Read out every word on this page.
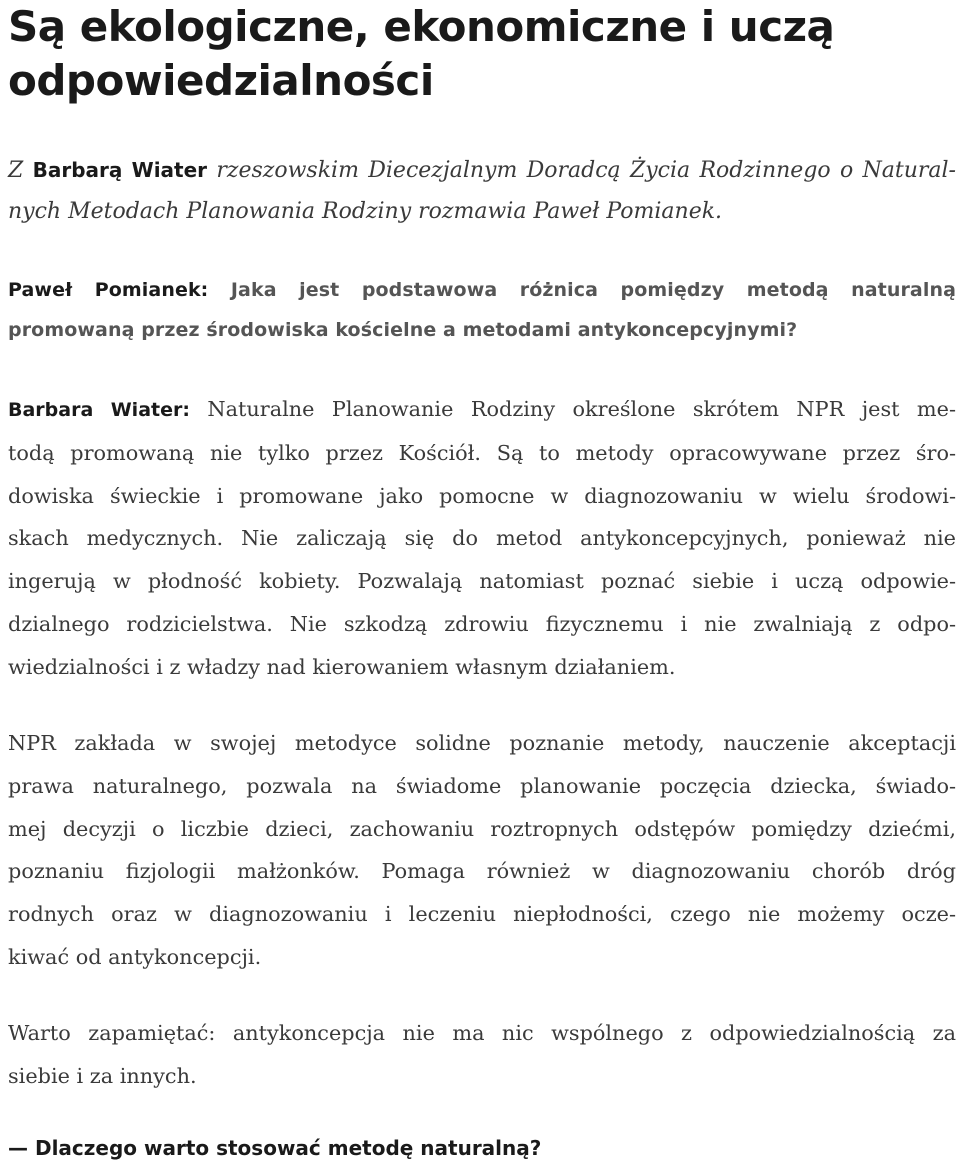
Są ekologiczne, ekonomiczne i uczą
odpowiedzialności

Z Barbarą Wiater rzeszowskim Diecezjalnym Doradcą Życia Rodzinnego o Natural-
nych Metodach Planowania Rodziny rozmawia Paweł Pomianek.

Paweł Pomianek: Jaka jest podstawowa różnica pomiędzy metodą naturalną
promowaną przez środowiska kościelne a metodami antykoncepcyjnymi?

Barbara Wiater: Naturalne Planowanie Rodziny określone skrótem NPR jest me-
todą promowaną nie tylko przez Kościół. Są to metody opracowywane przez śro-
dowiska świeckie i promowane jako pomocne w diagnozowaniu w wielu środowi-
skach medycznych. Nie zaliczają się do metod antykoncepcyjnych, ponieważ nie
ingerują w płodność kobiety. Pozwalają natomiast poznać siebie i uczą odpowie-
dzialnego rodzicielstwa. Nie szkodzą zdrowiu fizycznemu i nie zwalniają z odpo-
wiedzialności i z władzy nad kierowaniem własnym działaniem.

NPR zakłada w swojej metodyce solidne poznanie metody, nauczenie akceptacji
prawa naturalnego, pozwala na świadome planowanie poczęcia dziecka, świado-
mej decyzji o liczbie dzieci, zachowaniu roztropnych odstępów pomiędzy dziećmi,
poznaniu fizjologii małżonków. Pomaga również w diagnozowaniu chorób dróg
rodnych oraz w diagnozowaniu i leczeniu niepłodności, czego nie możemy ocze-
kiwać od antykoncepcji.

Warto zapamiętać: antykoncepcja nie ma nic wspólnego z odpowiedzialnością za
siebie i za innych.

— Dlaczego warto stosować metodę naturalną?
